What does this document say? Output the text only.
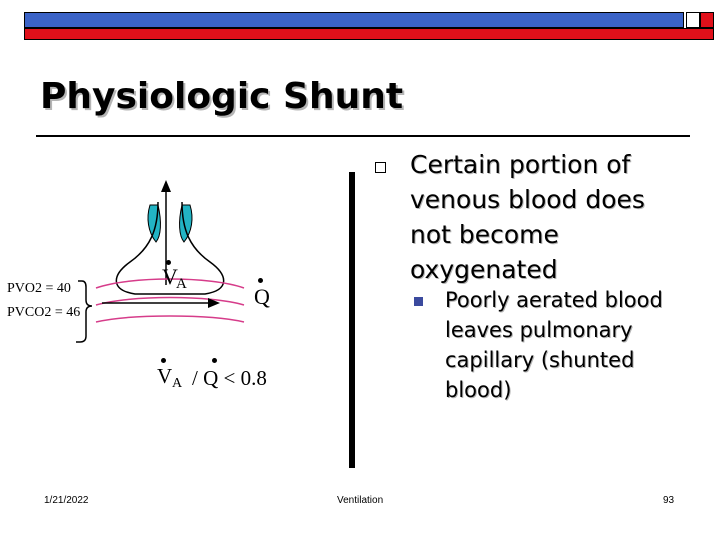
Physiologic Shunt
PVO2 = 40
PVCO2 = 46
V
A	Q
V A / Q < 0.8
Certain portion of venous blood does not become oxygenated
Poorly aerated blood leaves pulmonary capillary (shunted blood)
1/21/2022	Ventilation	93
